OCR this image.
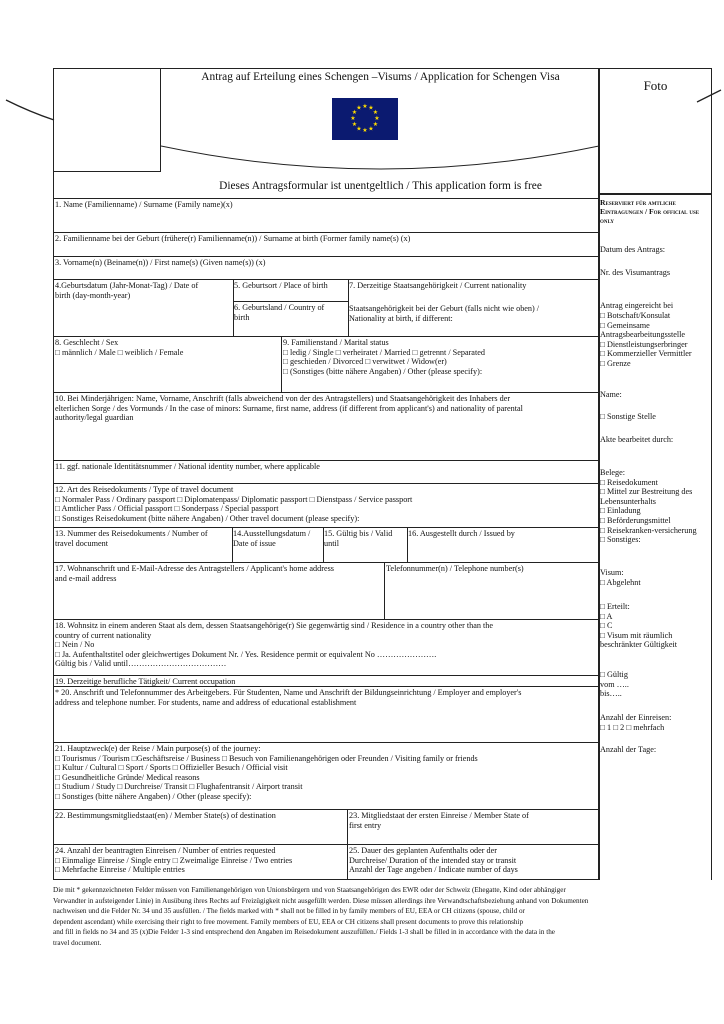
Antrag auf Erteilung eines Schengen –Visums / Application for Schengen Visa
★ ★
★
★
★
★
★
★
★
★
★
★
Dieses Antragsformular ist unentgeltlich / This application form is free
Foto
Reserviert für amtliche Eintragungen / For official use only
Datum des Antrags:
Nr. des Visumantrags
Antrag eingereicht bei
□ Botschaft/Konsulat
□ Gemeinsame
Antragsbearbeitungsstelle
□ Dienstleistungserbringer
□ Kommerzieller Vermittler
□ Grenze
Name:
□ Sonstige Stelle
Akte bearbeitet durch:
Belege:
□ Reisedokument
□ Mittel zur Bestreitung des
Lebensunterhalts
□ Einladung
□ Beförderungsmittel
□ Reisekranken-versicherung
□ Sonstiges:
Visum:
□ Abgelehnt
□ Erteilt:
□ A
□ C
□ Visum mit räumlich
beschränkter Gültigkeit
□ Gültig
vom …..
bis…..
Anzahl der Einreisen:
□ 1 □ 2 □ mehrfach
Anzahl der Tage:
1. Name (Familienname) / Surname (Family name)(x)
2. Familienname bei der Geburt (frühere(r) Familienname(n)) / Surname at birth (Former family name(s) (x)
3. Vorname(n) (Beiname(n)) / First name(s) (Given name(s)) (x)
4.Geburtsdatum (Jahr-Monat-Tag) / Date of
birth (day-month-year)
5. Geburtsort / Place of birth
6. Geburtsland / Country of
birth
7. Derzeitige Staatsangehörigkeit / Current nationality
Staatsangehörigkeit bei der Geburt (falls nicht wie oben) /
Nationality at birth, if different:
8. Geschlecht / Sex
□ männlich / Male □ weiblich / Female
9. Familienstand / Marital status
□ ledig / Single □ verheiratet / Married □ getrennt / Separated
□ geschieden / Divorced □ verwitwet / Widow(er)
□ (Sonstiges (bitte nähere Angaben) / Other (please specify):
10. Bei Minderjährigen: Name, Vorname, Anschrift (falls abweichend von der des Antragstellers) und Staatsangehörigkeit des Inhabers der
elterlichen Sorge / des Vormunds / In the case of minors: Surname, first name, address (if different from applicant's) and nationality of parental
authority/legal guardian
11. ggf. nationale Identitätsnummer / National identity number, where applicable
12. Art des Reisedokuments / Type of travel document
□ Normaler Pass / Ordinary passport □ Diplomatenpass/ Diplomatic passport □ Dienstpass / Service passport
□ Amtlicher Pass / Official passport □ Sonderpass / Special passport
□ Sonstiges Reisedokument (bitte nähere Angaben) / Other travel document (please specify):
13. Nummer des Reisedokuments / Number of
travel document
14.Ausstellungsdatum /
Date of issue
15. Gültig bis / Valid
until
16. Ausgestellt durch / Issued by
17. Wohnanschrift und E-Mail-Adresse des Antragstellers / Applicant's home address
and e-mail address
Telefonnummer(n) / Telephone number(s)
18. Wohnsitz in einem anderen Staat als dem, dessen Staatsangehörige(r) Sie gegenwärtig sind / Residence in a country other than the
country of current nationality
□ Nein / No
□ Ja. Aufenthaltstitel oder gleichwertiges Dokument Nr. / Yes. Residence permit or equivalent No ………………….
Gültig bis / Valid until………………………………
19. Derzeitige berufliche Tätigkeit/ Current occupation
* 20. Anschrift und Telefonnummer des Arbeitgebers. Für Studenten, Name und Anschrift der Bildungseinrichtung / Employer and employer's
address and telephone number. For students, name and address of educational establishment
21. Hauptzweck(e) der Reise / Main purpose(s) of the journey:
□ Tourismus / Tourism □Geschäftsreise / Business □ Besuch von Familienangehörigen oder Freunden / Visiting family or friends
□ Kultur / Cultural □ Sport / Sports □ Offizieller Besuch / Official visit
□ Gesundheitliche Gründe/ Medical reasons
□ Studium / Study □ Durchreise/ Transit □ Flughafentransit / Airport transit
□ Sonstiges (bitte nähere Angaben) / Other (please specify):
22. Bestimmungsmitgliedstaat(en) / Member State(s) of destination	23. Mitgliedstaat der ersten Einreise / Member State of
first entry
24. Anzahl der beantragten Einreisen / Number of entries requested
□ Einmalige Einreise / Single entry □ Zweimalige Einreise / Two entries
□ Mehrfache Einreise / Multiple entries
25. Dauer des geplanten Aufenthalts oder der
Durchreise/ Duration of the intended stay or transit
Anzahl der Tage angeben / Indicate number of days
Die mit * gekennzeichneten Felder müssen von Familienangehörigen von Unionsbürgern und von Staatsangehörigen des EWR oder der Schweiz (Ehegatte, Kind oder abhängiger
Verwandter in aufsteigender Linie) in Ausübung ihres Rechts auf Freizügigkeit nicht ausgefüllt werden. Diese müssen allerdings ihre Verwandtschaftsbeziehung anhand von Dokumenten
nachweisen und die Felder Nr. 34 und 35 ausfüllen. / The fields marked with * shall not be filled in by family members of EU, EEA or CH citizens (spouse, child or
dependent ascendant) while exercising their right to free movement. Family members of EU, EEA or CH citizens shall present documents to prove this relationship
and fill in fields no 34 and 35 (x)Die Felder 1-3 sind entsprechend den Angaben im Reisedokument auszufüllen./ Fields 1-3 shall be filled in in accordance with the data in the
travel document.
